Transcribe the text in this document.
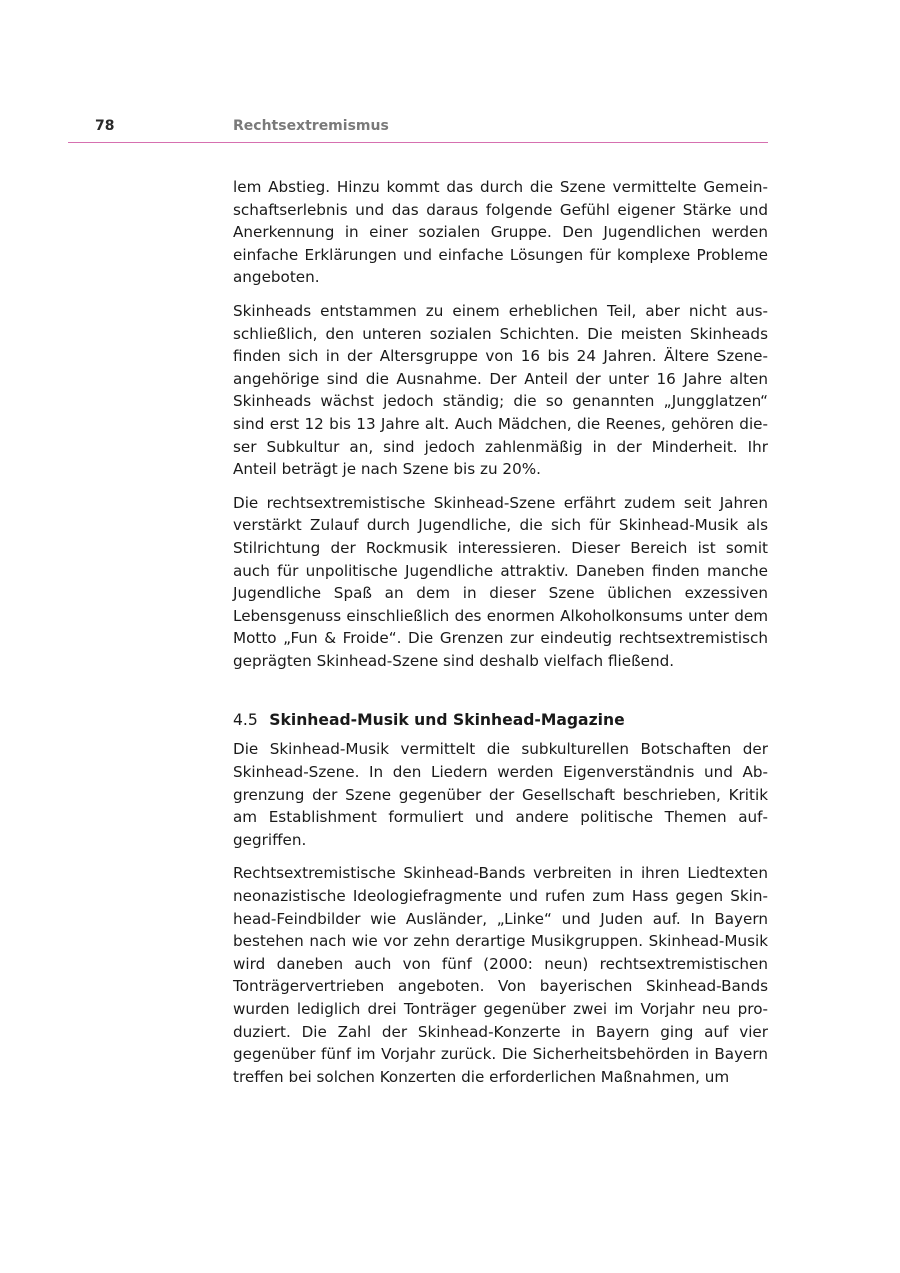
78	Rechtsextremismus

lem Abstieg. Hinzu kommt das durch die Szene vermittelte Gemeinschaftserlebnis und das daraus folgende Gefühl eigener Stärke und Anerkennung in einer sozialen Gruppe. Den Jugendlichen werden einfache Erklärungen und einfache Lösungen für komplexe Probleme angeboten.

Skinheads entstammen zu einem erheblichen Teil, aber nicht ausschließlich, den unteren sozialen Schichten. Die meisten Skinheads finden sich in der Altersgruppe von 16 bis 24 Jahren. Ältere Szeneangehörige sind die Ausnahme. Der Anteil der unter 16 Jahre alten Skinheads wächst jedoch ständig; die so genannten „Jungglatzen“ sind erst 12 bis 13 Jahre alt. Auch Mädchen, die Reenes, gehören dieser Subkultur an, sind jedoch zahlenmäßig in der Minderheit. Ihr Anteil beträgt je nach Szene bis zu 20%.

Die rechtsextremistische Skinhead-Szene erfährt zudem seit Jahren verstärkt Zulauf durch Jugendliche, die sich für Skinhead-Musik als Stilrichtung der Rockmusik interessieren. Dieser Bereich ist somit auch für unpolitische Jugendliche attraktiv. Daneben finden manche Jugendliche Spaß an dem in dieser Szene üblichen exzessiven Lebensgenuss einschließlich des enormen Alkoholkonsums unter dem Motto „Fun & Froide“. Die Grenzen zur eindeutig rechtsextremistisch geprägten Skinhead-Szene sind deshalb vielfach fließend.

4.5 Skinhead-Musik und Skinhead-Magazine

Die Skinhead-Musik vermittelt die subkulturellen Botschaften der Skinhead-Szene. In den Liedern werden Eigenverständnis und Abgrenzung der Szene gegenüber der Gesellschaft beschrieben, Kritik am Establishment formuliert und andere politische Themen aufgegriffen.

Rechtsextremistische Skinhead-Bands verbreiten in ihren Liedtexten neonazistische Ideologiefragmente und rufen zum Hass gegen Skinhead-Feindbilder wie Ausländer, „Linke“ und Juden auf. In Bayern bestehen nach wie vor zehn derartige Musikgruppen. Skinhead-Musik wird daneben auch von fünf (2000: neun) rechtsextremistischen Tonträgervertrieben angeboten. Von bayerischen Skinhead-Bands wurden lediglich drei Tonträger gegenüber zwei im Vorjahr neu produziert. Die Zahl der Skinhead-Konzerte in Bayern ging auf vier gegenüber fünf im Vorjahr zurück. Die Sicherheitsbehörden in Bayern treffen bei solchen Konzerten die erforderlichen Maßnahmen, um
